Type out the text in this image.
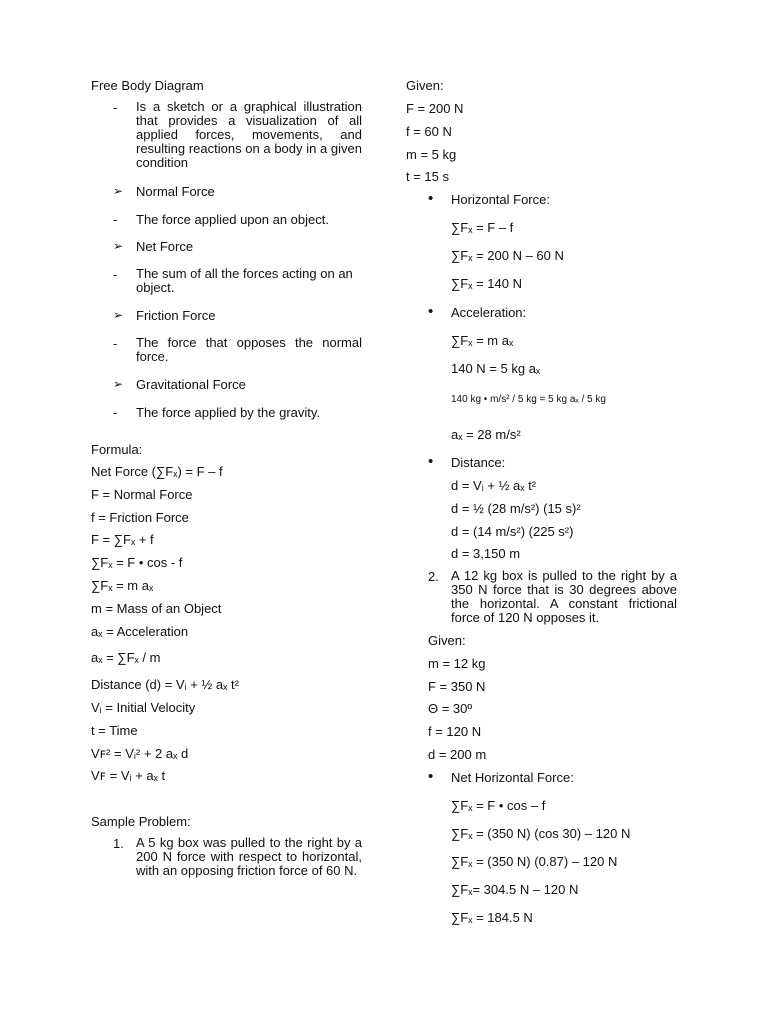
Free Body Diagram
- Is a sketch or a graphical illustration that provides a visualization of all applied forces, movements, and resulting reactions on a body in a given condition
➢ Normal Force
- The force applied upon an object.
➢ Net Force
- The sum of all the forces acting on an object.
➢ Friction Force
- The force that opposes the normal force.
➢ Gravitational Force
- The force applied by the gravity.
Formula:
Net Force (∑Fₓ) = F – f
F = Normal Force
f = Friction Force
F = ∑Fₓ + f
∑Fₓ = F • cos - f
∑Fₓ = m aₓ
m = Mass of an Object
aₓ = Acceleration
aₓ = ∑Fₓ / m
Distance (d) = Vᵢ + ½ aₓ t²
Vᵢ = Initial Velocity
t = Time
Vꜰ² = Vᵢ² + 2 aₓ d
Vꜰ = Vᵢ + aₓ t
Sample Problem:
1. A 5 kg box was pulled to the right by a 200 N force with respect to horizontal, with an opposing friction force of 60 N.
Given:
F = 200 N
f = 60 N
m = 5 kg
t = 15 s
• Horizontal Force:
∑Fₓ = F – f
∑Fₓ = 200 N – 60 N
∑Fₓ = 140 N
• Acceleration:
∑Fₓ = m aₓ
140 N = 5 kg aₓ
140 kg • m/s² / 5 kg = 5 kg aₓ / 5 kg
aₓ = 28 m/s²
• Distance:
d = Vᵢ + ½ aₓ t²
d = ½ (28 m/s²) (15 s)²
d = (14 m/s²) (225 s²)
d = 3,150 m
2. A 12 kg box is pulled to the right by a 350 N force that is 30 degrees above the horizontal. A constant frictional force of 120 N opposes it.
Given:
m = 12 kg
F = 350 N
Θ = 30º
f = 120 N
d = 200 m
• Net Horizontal Force:
∑Fₓ = F • cos – f
∑Fₓ = (350 N) (cos 30) – 120 N
∑Fₓ = (350 N) (0.87) – 120 N
∑Fₓ= 304.5 N – 120 N
∑Fₓ = 184.5 N
